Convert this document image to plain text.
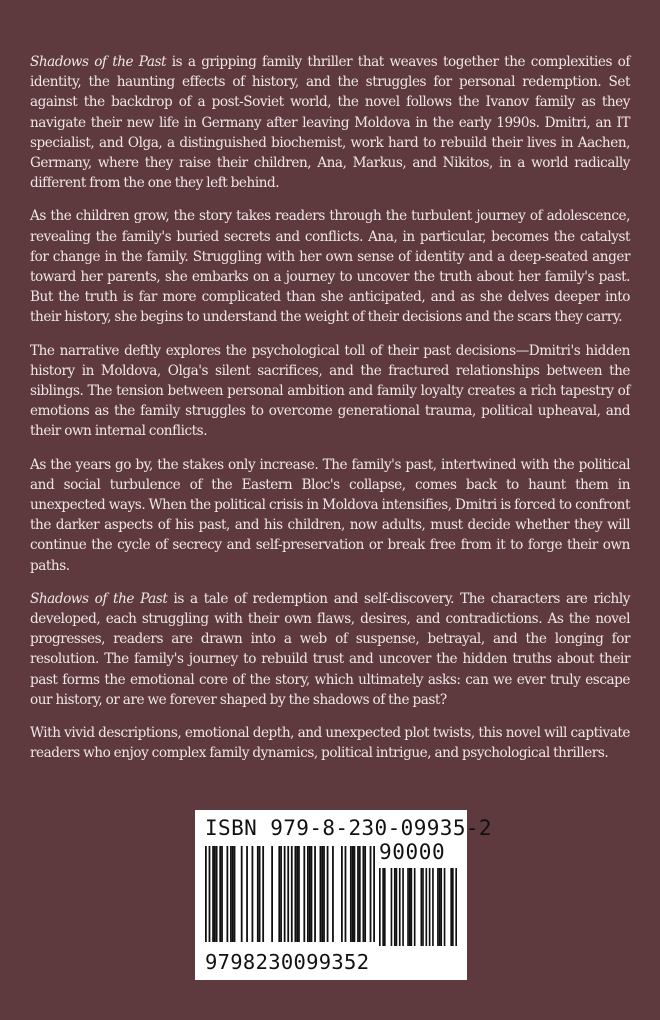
Shadows of the Past is a gripping family thriller that weaves together the complexities of identity, the haunting effects of history, and the struggles for personal redemption. Set against the backdrop of a post-Soviet world, the novel follows the Ivanov family as they navigate their new life in Germany after leaving Moldova in the early 1990s. Dmitri, an IT specialist, and Olga, a distinguished biochemist, work hard to rebuild their lives in Aachen, Germany, where they raise their children, Ana, Markus, and Nikitos, in a world radically different from the one they left behind.

As the children grow, the story takes readers through the turbulent journey of adolescence, revealing the family's buried secrets and conflicts. Ana, in particular, becomes the catalyst for change in the family. Struggling with her own sense of identity and a deep-seated anger toward her parents, she embarks on a journey to uncover the truth about her family's past. But the truth is far more complicated than she anticipated, and as she delves deeper into their history, she begins to understand the weight of their decisions and the scars they carry.

The narrative deftly explores the psychological toll of their past decisions—Dmitri's hidden history in Moldova, Olga's silent sacrifices, and the fractured relationships between the siblings. The tension between personal ambition and family loyalty creates a rich tapestry of emotions as the family struggles to overcome generational trauma, political upheaval, and their own internal conflicts.

As the years go by, the stakes only increase. The family's past, intertwined with the political and social turbulence of the Eastern Bloc's collapse, comes back to haunt them in unexpected ways. When the political crisis in Moldova intensifies, Dmitri is forced to confront the darker aspects of his past, and his children, now adults, must decide whether they will continue the cycle of secrecy and self-preservation or break free from it to forge their own paths.

Shadows of the Past is a tale of redemption and self-discovery. The characters are richly developed, each struggling with their own flaws, desires, and contradictions. As the novel progresses, readers are drawn into a web of suspense, betrayal, and the longing for resolution. The family's journey to rebuild trust and uncover the hidden truths about their past forms the emotional core of the story, which ultimately asks: can we ever truly escape our history, or are we forever shaped by the shadows of the past?

With vivid descriptions, emotional depth, and unexpected plot twists, this novel will captivate readers who enjoy complex family dynamics, political intrigue, and psychological thrillers.

ISBN 979-8-230-09935-2
90000
9798230099352
